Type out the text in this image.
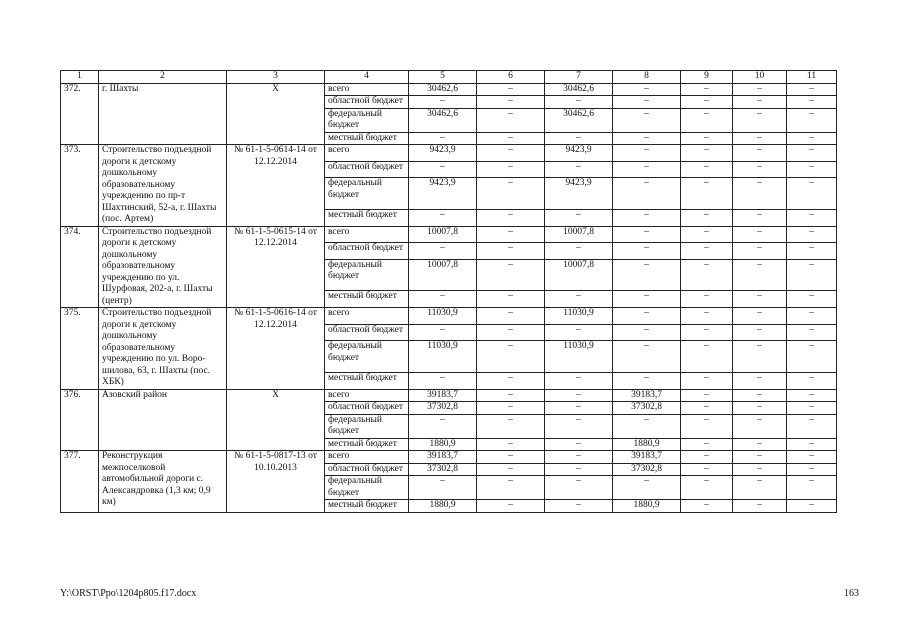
1	2	3	4	5	6	7	8	9	10	11
372.	г. Шахты	Х	всего	30462,6	–	30462,6	–	–	–	–
			областной бюджет	–	–	–	–	–	–	–
			федеральный бюджет	30462,6	–	30462,6	–	–	–	–
			местный бюджет	–	–	–	–	–	–	–
373.	Строительство подъездной дороги к детскому дошкольному образовательному учреждению по пр-т Шахтинский, 52-а, г. Шахты (пос. Артем)	№ 61-1-5-0614-14 от 12.12.2014	всего	9423,9	–	9423,9	–	–	–	–
			областной бюджет	–	–	–	–	–	–	–
			федеральный бюджет	9423,9	–	9423,9	–	–	–	–
			местный бюджет	–	–	–	–	–	–	–
374.	Строительство подъездной дороги к детскому дошкольному образовательному учреждению по ул. Шурфовая, 202-а, г. Шахты (центр)	№ 61-1-5-0615-14 от 12.12.2014	всего	10007,8	–	10007,8	–	–	–	–
			областной бюджет	–	–	–	–	–	–	–
			федеральный бюджет	10007,8	–	10007,8	–	–	–	–
			местный бюджет	–	–	–	–	–	–	–
375.	Строительство подъездной дороги к детскому дошкольному образовательному учреждению по ул. Воро-шилова, 63, г. Шахты (пос. ХБК)	№ 61-1-5-0616-14 от 12.12.2014	всего	11030,9	–	11030,9	–	–	–	–
			областной бюджет	–	–	–	–	–	–	–
			федеральный бюджет	11030,9	–	11030,9	–	–	–	–
			местный бюджет	–	–	–	–	–	–	–
376.	Азовский район	Х	всего	39183,7	–	–	39183,7	–	–	–
			областной бюджет	37302,8	–	–	37302,8	–	–	–
			федеральный бюджет	–	–	–	–	–	–	–
			местный бюджет	1880,9	–	–	1880,9	–	–	–
377.	Реконструкция межпоселковой автомобильной дороги с. Александровка (1,3 км; 0,9 км)	№ 61-1-5-0817-13 от 10.10.2013	всего	39183,7	–	–	39183,7	–	–	–
			областной бюджет	37302,8	–	–	37302,8	–	–	–
			федеральный бюджет	–	–	–	–	–	–	–
			местный бюджет	1880,9	–	–	1880,9	–	–	–
Y:\ORST\Ppo\1204p805.f17.docx	163
